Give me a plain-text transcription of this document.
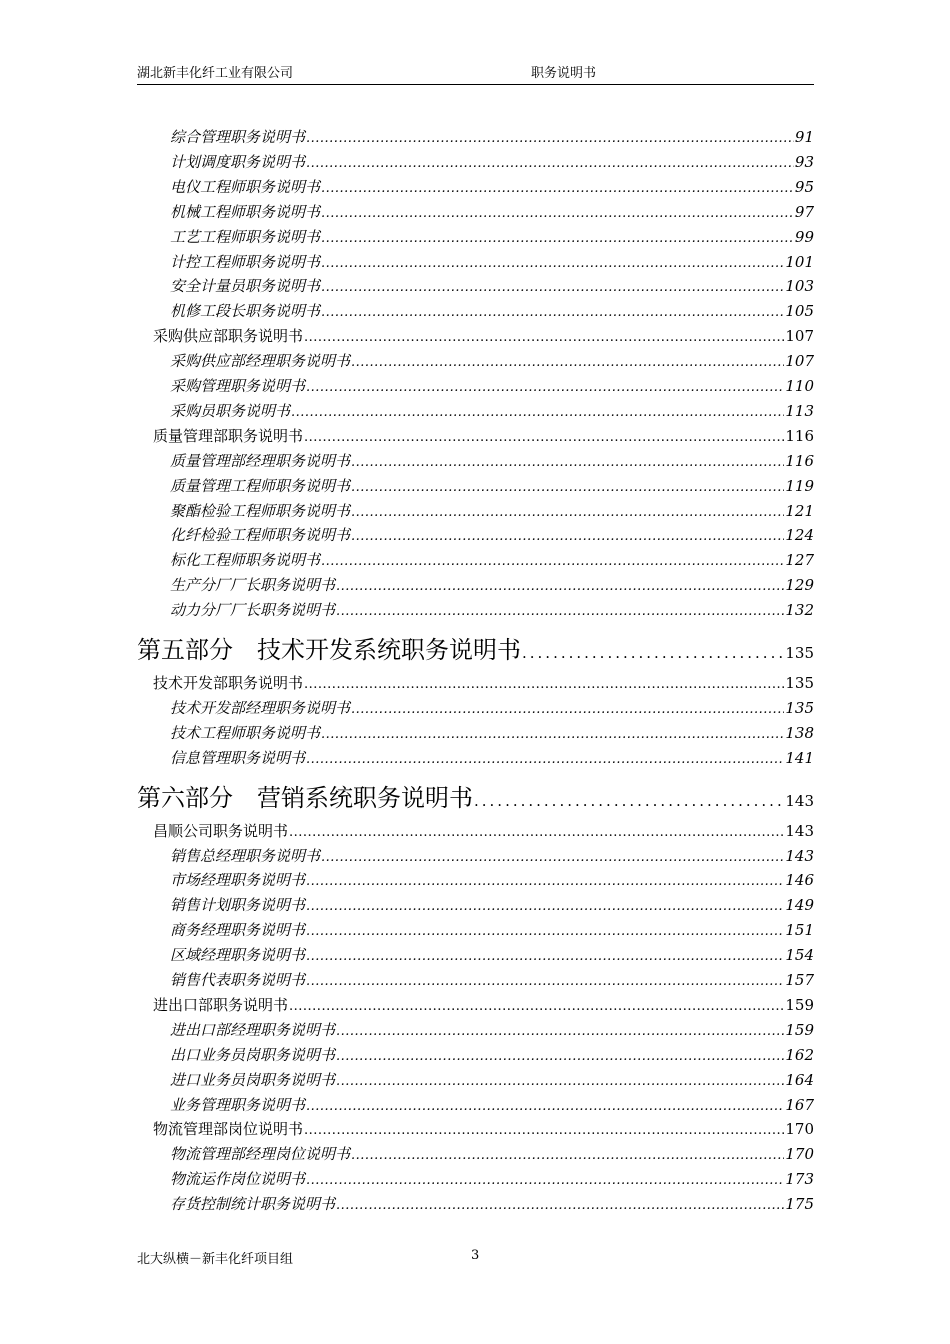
湖北新丰化纤工业有限公司	职务说明书
综合管理职务说明书 .....	91
计划调度职务说明书 .....	93
电仪工程师职务说明书 .....	95
机械工程师职务说明书 .....	97
工艺工程师职务说明书 .....	99
计控工程师职务说明书 .....	101
安全计量员职务说明书 .....	103
机修工段长职务说明书 .....	105
采购供应部职务说明书 .....	107
采购供应部经理职务说明书 .....	107
采购管理职务说明书 .....	110
采购员职务说明书 .....	113
质量管理部职务说明书 .....	116
质量管理部经理职务说明书 .....	116
质量管理工程师职务说明书 .....	119
聚酯检验工程师职务说明书 .....	121
化纤检验工程师职务说明书 .....	124
标化工程师职务说明书 .....	127
生产分厂厂长职务说明书 .....	129
动力分厂厂长职务说明书 .....	132
第五部分　技术开发系统职务说明书 .....	135
技术开发部职务说明书 .....	135
技术开发部经理职务说明书 .....	135
技术工程师职务说明书 .....	138
信息管理职务说明书 .....	141
第六部分　营销系统职务说明书 .....	143
昌顺公司职务说明书 .....	143
销售总经理职务说明书 .....	143
市场经理职务说明书 .....	146
销售计划职务说明书 .....	149
商务经理职务说明书 .....	151
区域经理职务说明书 .....	154
销售代表职务说明书 .....	157
进出口部职务说明书 .....	159
进出口部经理职务说明书 .....	159
出口业务员岗职务说明书 .....	162
进口业务员岗职务说明书 .....	164
业务管理职务说明书 .....	167
物流管理部岗位说明书 .....	170
物流管理部经理岗位说明书 .....	170
物流运作岗位说明书 .....	173
存货控制统计职务说明书 .....	175
北大纵横－新丰化纤项目组	3
